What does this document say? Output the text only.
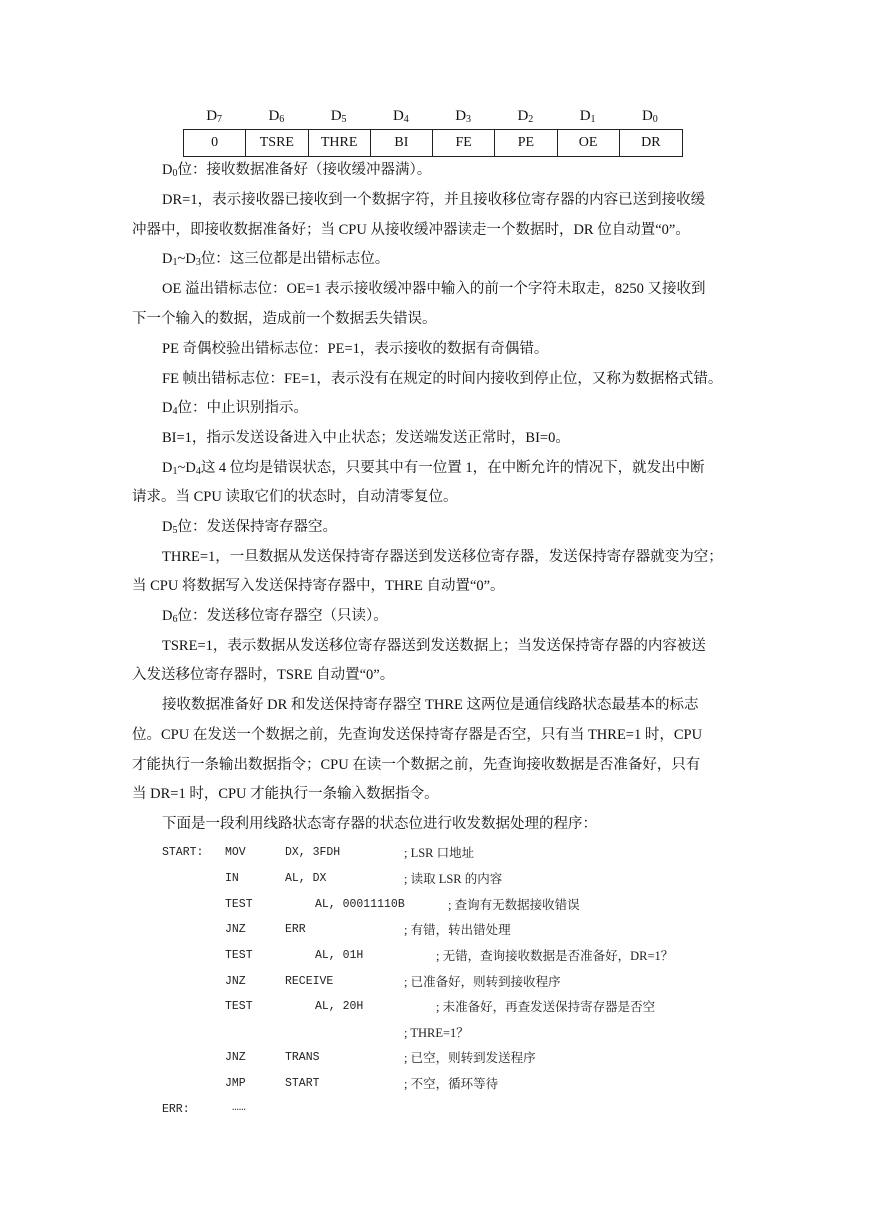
$D_7$	$D_6$	$D_5$	$D_4$	$D_3$	$D_2$	$D_1$	$D_0$
0	TSRE	THRE	BI	FE	PE	OE	DR
$D_0$位：接收数据准备好（接收缓冲器满）。
DR=1，表示接收器已接收到一个数据字符，并且接收移位寄存器的内容已送到接收缓
冲器中，即接收数据准备好；当 CPU 从接收缓冲器读走一个数据时，DR 位自动置“0”。
$D_1\sim D_3$位：这三位都是出错标志位。
OE 溢出错标志位：OE=1 表示接收缓冲器中输入的前一个字符未取走，8250 又接收到
下一个输入的数据，造成前一个数据丢失错误。
PE 奇偶校验出错标志位：PE=1，表示接收的数据有奇偶错。
FE 帧出错标志位：FE=1，表示没有在规定的时间内接收到停止位，又称为数据格式错。
$D_4$位：中止识别指示。
BI=1，指示发送设备进入中止状态；发送端发送正常时，BI=0。
$D_1\sim D_4$这 4 位均是错误状态，只要其中有一位置 1，在中断允许的情况下，就发出中断
请求。当 CPU 读取它们的状态时，自动清零复位。
$D_5$位：发送保持寄存器空。
THRE=1，一旦数据从发送保持寄存器送到发送移位寄存器，发送保持寄存器就变为空；
当 CPU 将数据写入发送保持寄存器中，THRE 自动置“0”。
$D_6$位：发送移位寄存器空（只读）。
TSRE=1，表示数据从发送移位寄存器送到发送数据上；当发送保持寄存器的内容被送
入发送移位寄存器时，TSRE 自动置“0”。
接收数据准备好 DR 和发送保持寄存器空 THRE 这两位是通信线路状态最基本的标志
位。CPU 在发送一个数据之前，先查询发送保持寄存器是否空，只有当 THRE=1 时，CPU
才能执行一条输出数据指令；CPU 在读一个数据之前，先查询接收数据是否准备好，只有
当 DR=1 时，CPU 才能执行一条输入数据指令。
下面是一段利用线路状态寄存器的状态位进行收发数据处理的程序：
START: MOV	DX, 3FDH	; LSR 口地址
IN	AL, DX	; 读取 LSR 的内容
TEST	AL, 00011110B	; 查询有无数据接收错误
JNZ	ERR	; 有错，转出错处理
TEST	AL, 01H	; 无错，查询接收数据是否准备好，DR=1？
JNZ	RECEIVE	; 已准备好，则转到接收程序
TEST	AL, 20H	; 未准备好，再查发送保持寄存器是否空
; THRE=1？
JNZ	TRANS	; 已空，则转到发送程序
JMP	START	; 不空，循环等待
ERR:	……
